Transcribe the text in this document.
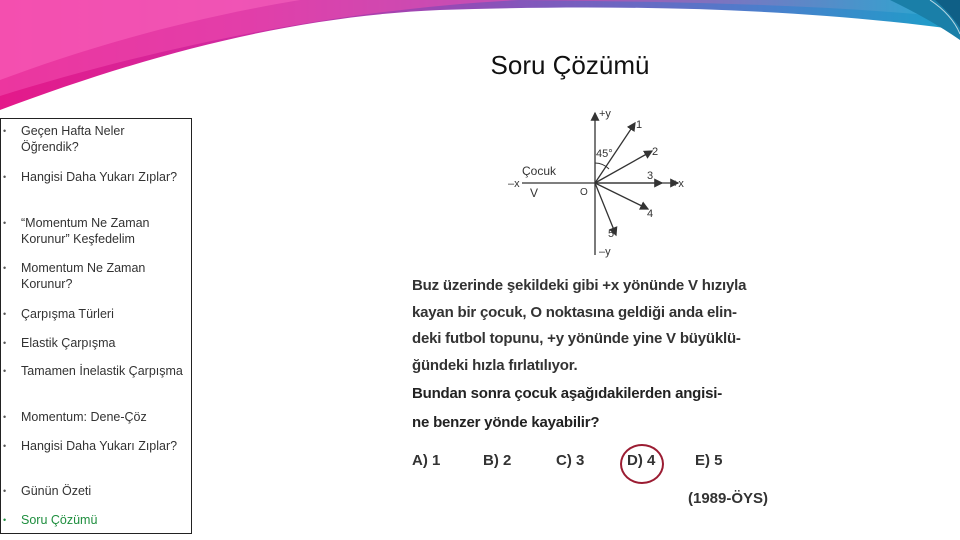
Soru Çözümü
•	Geçen Hafta Neler Öğrendik?
•	Hangisi Daha Yukarı Zıplar?
•	“Momentum Ne Zaman Korunur” Keşfedelim
•	Momentum Ne Zaman Korunur?
•	Çarpışma Türleri
•	Elastik Çarpışma
•	Tamamen İnelastik Çarpışma
•	Momentum: Dene-Çöz
•	Hangisi Daha Yukarı Zıplar?
•	Günün Özeti
•	Soru Çözümü
+y
–y
+x
–x
45°
Çocuk
V	O
1
2
3
4
5

Buz üzerinde şekildeki gibi +x yönünde V hızıyla

kayan bir çocuk, O noktasına geldiği anda elin-

deki futbol topunu, +y yönünde yine V büyüklü-

ğündeki hızla fırlatılıyor.

Bundan sonra çocuk aşağıdakilerden angisi-

ne benzer yönde kayabilir?

A) 1	B) 2	C) 3	D) 4	E) 5
(1989-ÖYS)
